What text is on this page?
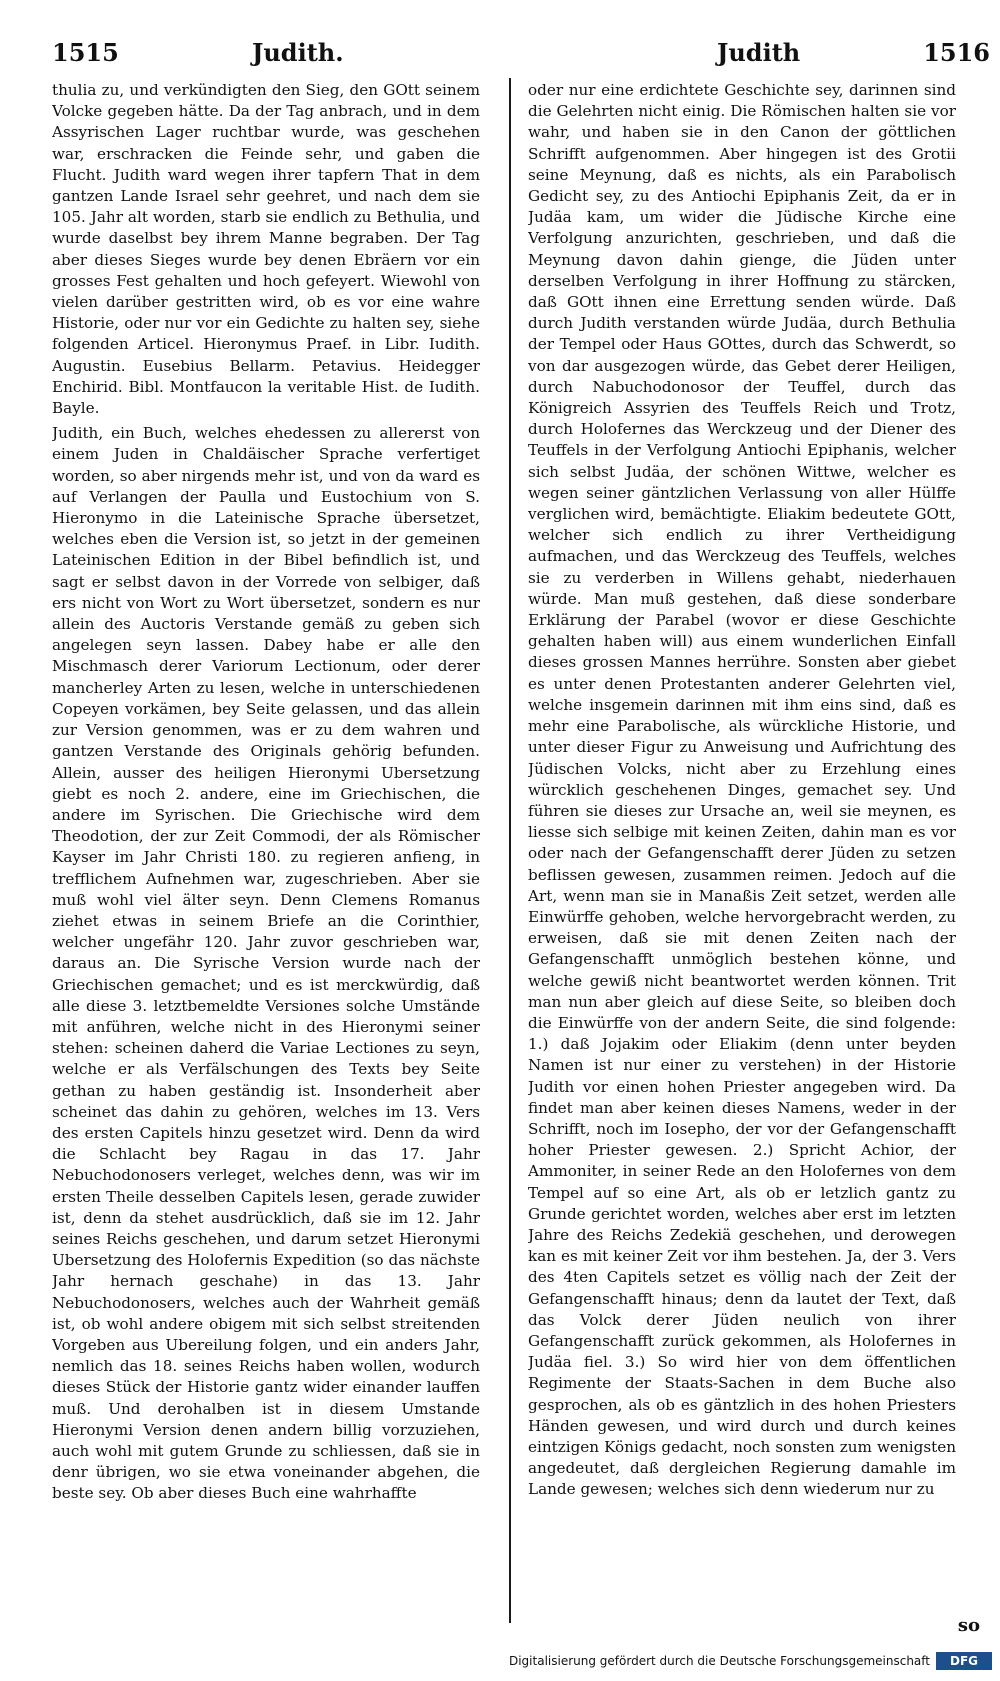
1515	Judith.	Judith	1516

thulia zu, und verkündigten den Sieg, den GOtt seinem Volcke gegeben hätte. Da der Tag anbrach, und in dem Assyrischen Lager ruchtbar wurde, was geschehen war, erschracken die Feinde sehr, und gaben die Flucht. Judith ward wegen ihrer tapfern That in dem gantzen Lande Israel sehr geehret, und nach dem sie 105. Jahr alt worden, starb sie endlich zu Bethulia, und wurde daselbst bey ihrem Manne begraben. Der Tag aber dieses Sieges wurde bey denen Ebräern vor ein grosses Fest gehalten und hoch gefeyert. Wiewohl von vielen darüber gestritten wird, ob es vor eine wahre Historie, oder nur vor ein Gedichte zu halten sey, siehe folgenden Articel. Hieronymus Praef. in Libr. Iudith. Augustin. Eusebius Bellarm. Petavius. Heidegger Enchirid. Bibl. Montfaucon la veritable Hist. de Iudith. Bayle.

Judith, ein Buch, welches ehedessen zu allererst von einem Juden in Chaldäischer Sprache verfertiget worden, so aber nirgends mehr ist, und von da ward es auf Verlangen der Paulla und Eustochium von S. Hieronymo in die Lateinische Sprache übersetzet, welches eben die Version ist, so jetzt in der gemeinen Lateinischen Edition in der Bibel befindlich ist, und sagt er selbst davon in der Vorrede von selbiger, daß ers nicht von Wort zu Wort übersetzet, sondern es nur allein des Auctoris Verstande gemäß zu geben sich angelegen seyn lassen. Dabey habe er alle den Mischmasch derer Variorum Lectionum, oder derer mancherley Arten zu lesen, welche in unterschiedenen Copeyen vorkämen, bey Seite gelassen, und das allein zur Version genommen, was er zu dem wahren und gantzen Verstande des Originals gehörig befunden. Allein, ausser des heiligen Hieronymi Ubersetzung giebt es noch 2. andere, eine im Griechischen, die andere im Syrischen. Die Griechische wird dem Theodotion, der zur Zeit Commodi, der als Römischer Kayser im Jahr Christi 180. zu regieren anfieng, in trefflichem Aufnehmen war, zugeschrieben. Aber sie muß wohl viel älter seyn. Denn Clemens Romanus ziehet etwas in seinem Briefe an die Corinthier, welcher ungefähr 120. Jahr zuvor geschrieben war, daraus an. Die Syrische Version wurde nach der Griechischen gemachet; und es ist merckwürdig, daß alle diese 3. letztbemeldte Versiones solche Umstände mit anführen, welche nicht in des Hieronymi seiner stehen: scheinen daherd die Variae Lectiones zu seyn, welche er als Verfälschungen des Texts bey Seite gethan zu haben geständig ist. Insonderheit aber scheinet das dahin zu gehören, welches im 13. Vers des ersten Capitels hinzu gesetzet wird. Denn da wird die Schlacht bey Ragau in das 17. Jahr Nebuchodonosers verleget, welches denn, was wir im ersten Theile desselben Capitels lesen, gerade zuwider ist, denn da stehet ausdrücklich, daß sie im 12. Jahr seines Reichs geschehen, und darum setzet Hieronymi Ubersetzung des Holofernis Expedition (so das nächste Jahr hernach geschahe) in das 13. Jahr Nebuchodonosers, welches auch der Wahrheit gemäß ist, ob wohl andere obigem mit sich selbst streitenden Vorgeben aus Ubereilung folgen, und ein anders Jahr, nemlich das 18. seines Reichs haben wollen, wodurch dieses Stück der Historie gantz wider einander lauffen muß. Und derohalben ist in diesem Umstande Hieronymi Version denen andern billig vorzuziehen, auch wohl mit gutem Grunde zu schliessen, daß sie in denr übrigen, wo sie etwa voneinander abgehen, die beste sey. Ob aber dieses Buch eine wahrhaffte

oder nur eine erdichtete Geschichte sey, darinnen sind die Gelehrten nicht einig. Die Römischen halten sie vor wahr, und haben sie in den Canon der göttlichen Schrifft aufgenommen. Aber hingegen ist des Grotii seine Meynung, daß es nichts, als ein Parabolisch Gedicht sey, zu des Antiochi Epiphanis Zeit, da er in Judäa kam, um wider die Jüdische Kirche eine Verfolgung anzurichten, geschrieben, und daß die Meynung davon dahin gienge, die Jüden unter derselben Verfolgung in ihrer Hoffnung zu stärcken, daß GOtt ihnen eine Errettung senden würde. Daß durch Judith verstanden würde Judäa, durch Bethulia der Tempel oder Haus GOttes, durch das Schwerdt, so von dar ausgezogen würde, das Gebet derer Heiligen, durch Nabuchodonosor der Teuffel, durch das Königreich Assyrien des Teuffels Reich und Trotz, durch Holofernes das Werckzeug und der Diener des Teuffels in der Verfolgung Antiochi Epiphanis, welcher sich selbst Judäa, der schönen Wittwe, welcher es wegen seiner gäntzlichen Verlassung von aller Hülffe verglichen wird, bemächtigte. Eliakim bedeutete GOtt, welcher sich endlich zu ihrer Vertheidigung aufmachen, und das Werckzeug des Teuffels, welches sie zu verderben in Willens gehabt, niederhauen würde. Man muß gestehen, daß diese sonderbare Erklärung der Parabel (wovor er diese Geschichte gehalten haben will) aus einem wunderlichen Einfall dieses grossen Mannes herrühre. Sonsten aber giebet es unter denen Protestanten anderer Gelehrten viel, welche insgemein darinnen mit ihm eins sind, daß es mehr eine Parabolische, als würckliche Historie, und unter dieser Figur zu Anweisung und Aufrichtung des Jüdischen Volcks, nicht aber zu Erzehlung eines würcklich geschehenen Dinges, gemachet sey. Und führen sie dieses zur Ursache an, weil sie meynen, es liesse sich selbige mit keinen Zeiten, dahin man es vor oder nach der Gefangenschafft derer Jüden zu setzen beflissen gewesen, zusammen reimen. Jedoch auf die Art, wenn man sie in Manaßis Zeit setzet, werden alle Einwürffe gehoben, welche hervorgebracht werden, zu erweisen, daß sie mit denen Zeiten nach der Gefangenschafft unmöglich bestehen könne, und welche gewiß nicht beantwortet werden können. Trit man nun aber gleich auf diese Seite, so bleiben doch die Einwürffe von der andern Seite, die sind folgende: 1.) daß Jojakim oder Eliakim (denn unter beyden Namen ist nur einer zu verstehen) in der Historie Judith vor einen hohen Priester angegeben wird. Da findet man aber keinen dieses Namens, weder in der Schrifft, noch im Iosepho, der vor der Gefangenschafft hoher Priester gewesen. 2.) Spricht Achior, der Ammoniter, in seiner Rede an den Holofernes von dem Tempel auf so eine Art, als ob er letzlich gantz zu Grunde gerichtet worden, welches aber erst im letzten Jahre des Reichs Zedekiä geschehen, und derowegen kan es mit keiner Zeit vor ihm bestehen. Ja, der 3. Vers des 4ten Capitels setzet es völlig nach der Zeit der Gefangenschafft hinaus; denn da lautet der Text, daß das Volck derer Jüden neulich von ihrer Gefangenschafft zurück gekommen, als Holofernes in Judäa fiel. 3.) So wird hier von dem öffentlichen Regimente der Staats-Sachen in dem Buche also gesprochen, als ob es gäntzlich in des hohen Priesters Händen gewesen, und wird durch und durch keines eintzigen Königs gedacht, noch sonsten zum wenigsten angedeutet, daß dergleichen Regierung damahle im Lande gewesen; welches sich denn wiederum nur zu

so
Digitalisierung gefördert durch die Deutsche Forschungsgemeinschaft	DFG
